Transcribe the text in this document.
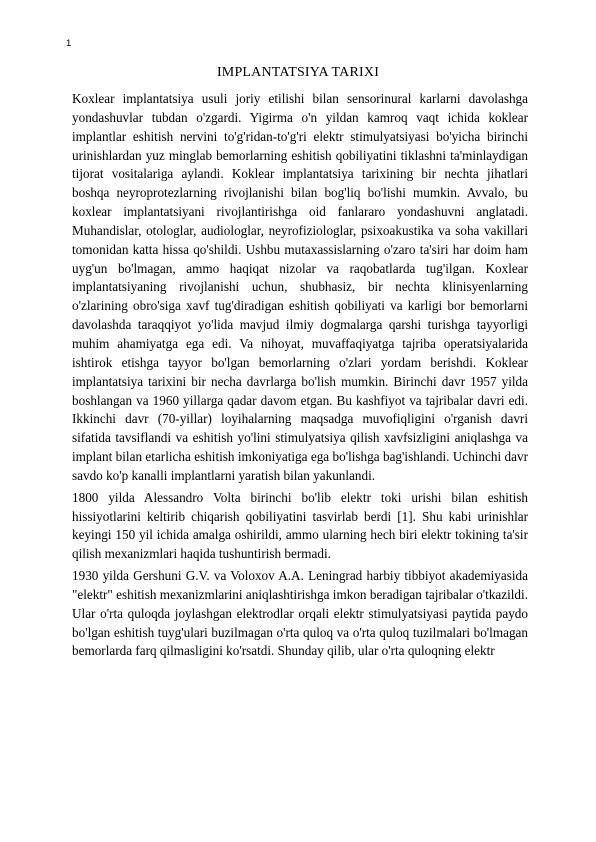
1
IMPLANTATSIYA TARIXI

Koxlear implantatsiya usuli joriy etilishi bilan sensorinural karlarni davolashga yondashuvlar tubdan o'zgardi. Yigirma o'n yildan kamroq vaqt ichida koklear implantlar eshitish nervini to'g'ridan-to'g'ri elektr stimulyatsiyasi bo'yicha birinchi urinishlardan yuz minglab bemorlarning eshitish qobiliyatini tiklashni ta'minlaydigan tijorat vositalariga aylandi. Koklear implantatsiya tarixining bir nechta jihatlari boshqa neyroprotezlarning rivojlanishi bilan bog'liq bo'lishi mumkin. Avvalo, bu koxlear implantatsiyani rivojlantirishga oid fanlararo yondashuvni anglatadi. Muhandislar, otologlar, audiologlar, neyrofiziologlar, psixoakustika va soha vakillari tomonidan katta hissa qo'shildi. Ushbu mutaxassislarning o'zaro ta'siri har doim ham uyg'un bo'lmagan, ammo haqiqat nizolar va raqobatlarda tug'ilgan. Koxlear implantatsiyaning rivojlanishi uchun, shubhasiz, bir nechta klinisyenlarning o'zlarining obro'siga xavf tug'diradigan eshitish qobiliyati va karligi bor bemorlarni davolashda taraqqiyot yo'lida mavjud ilmiy dogmalarga qarshi turishga tayyorligi muhim ahamiyatga ega edi. Va nihoyat, muvaffaqiyatga tajriba operatsiyalarida ishtirok etishga tayyor bo'lgan bemorlarning o'zlari yordam berishdi. Koklear implantatsiya tarixini bir necha davrlarga bo'lish mumkin. Birinchi davr 1957 yilda boshlangan va 1960 yillarga qadar davom etgan. Bu kashfiyot va tajribalar davri edi. Ikkinchi davr (70-yillar) loyihalarning maqsadga muvofiqligini o'rganish davri sifatida tavsiflandi va eshitish yo'lini stimulyatsiya qilish xavfsizligini aniqlashga va implant bilan etarlicha eshitish imkoniyatiga ega bo'lishga bag'ishlandi. Uchinchi davr savdo ko'p kanalli implantlarni yaratish bilan yakunlandi.

1800 yilda Alessandro Volta birinchi bo'lib elektr toki urishi bilan eshitish hissiyotlarini keltirib chiqarish qobiliyatini tasvirlab berdi [1]. Shu kabi urinishlar keyingi 150 yil ichida amalga oshirildi, ammo ularning hech biri elektr tokining ta'sir qilish mexanizmlari haqida tushuntirish bermadi.

1930 yilda Gershuni G.V. va Voloxov A.A. Leningrad harbiy tibbiyot akademiyasida "elektr" eshitish mexanizmlarini aniqlashtirishga imkon beradigan tajribalar o'tkazildi. Ular o'rta quloqda joylashgan elektrodlar orqali elektr stimulyatsiyasi paytida paydo bo'lgan eshitish tuyg'ulari buzilmagan o'rta quloq va o'rta quloq tuzilmalari bo'lmagan bemorlarda farq qilmasligini ko'rsatdi. Shunday qilib, ular o'rta quloqning elektr
